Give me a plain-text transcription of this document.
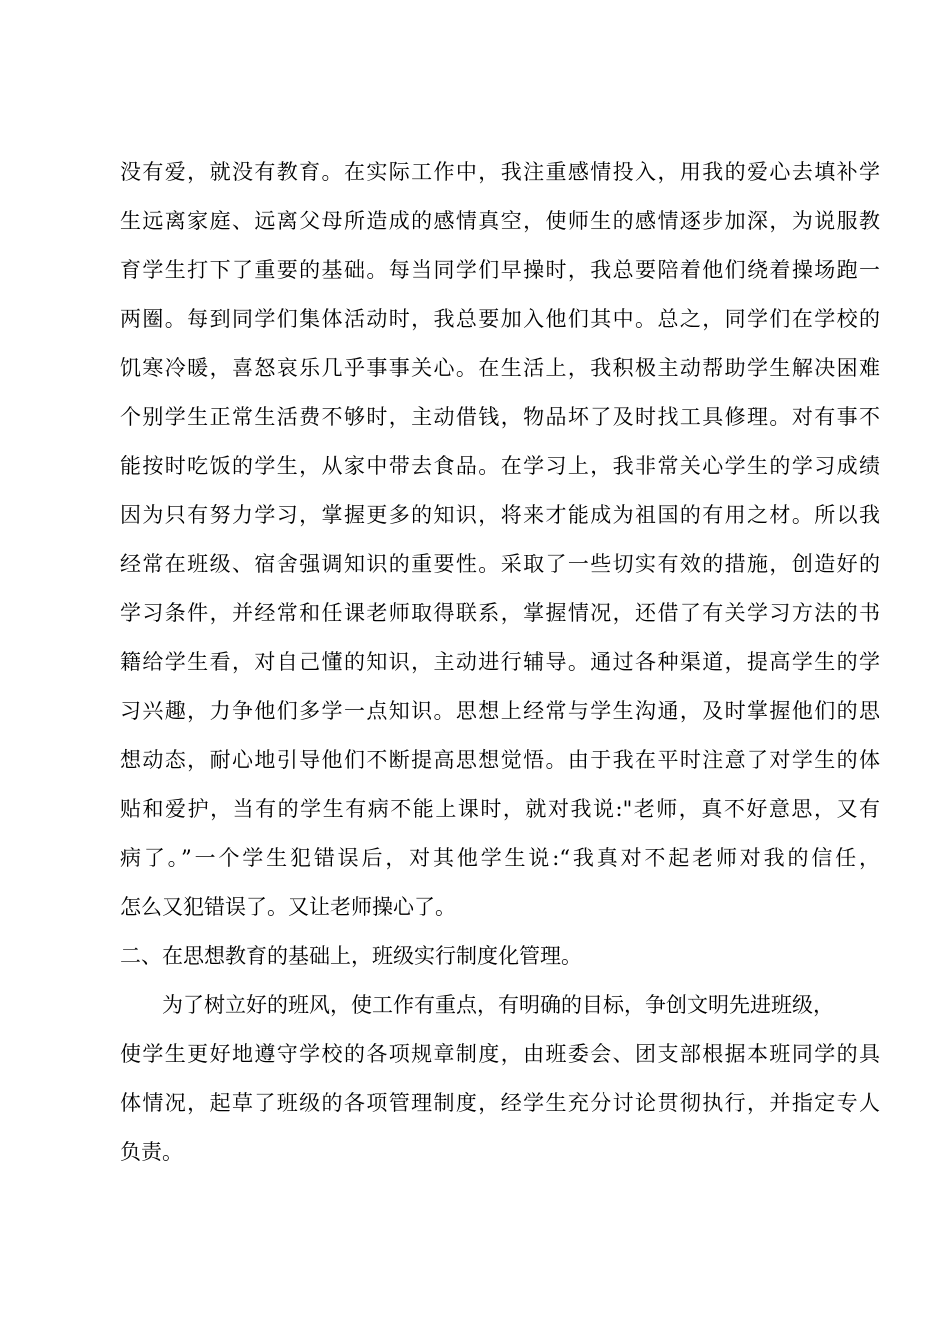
没有爱，就没有教育。在实际工作中，我注重感情投入，用我的爱心去填补学
生远离家庭、远离父母所造成的感情真空，使师生的感情逐步加深，为说服教
育学生打下了重要的基础。每当同学们早操时，我总要陪着他们绕着操场跑一
两圈。每到同学们集体活动时，我总要加入他们其中。总之，同学们在学校的
饥寒冷暖，喜怒哀乐几乎事事关心。在生活上，我积极主动帮助学生解决困难
个别学生正常生活费不够时，主动借钱，物品坏了及时找工具修理。对有事不
能按时吃饭的学生，从家中带去食品。在学习上，我非常关心学生的学习成绩
因为只有努力学习，掌握更多的知识，将来才能成为祖国的有用之材。所以我
经常在班级、宿舍强调知识的重要性。采取了一些切实有效的措施，创造好的
学习条件，并经常和任课老师取得联系，掌握情况，还借了有关学习方法的书
籍给学生看，对自己懂的知识，主动进行辅导。通过各种渠道，提高学生的学
习兴趣，力争他们多学一点知识。思想上经常与学生沟通，及时掌握他们的思
想动态，耐心地引导他们不断提高思想觉悟。由于我在平时注意了对学生的体
贴和爱护，当有的学生有病不能上课时，就对我说:"老师，真不好意思，又有
病了。”一个学生犯错误后，对其他学生说:“我真对不起老师对我的信任，
怎么又犯错误了。又让老师操心了。
二、在思想教育的基础上，班级实行制度化管理。
为了树立好的班风，使工作有重点，有明确的目标，争创文明先进班级，
使学生更好地遵守学校的各项规章制度，由班委会、团支部根据本班同学的具
体情况，起草了班级的各项管理制度，经学生充分讨论贯彻执行，并指定专人
负责。
